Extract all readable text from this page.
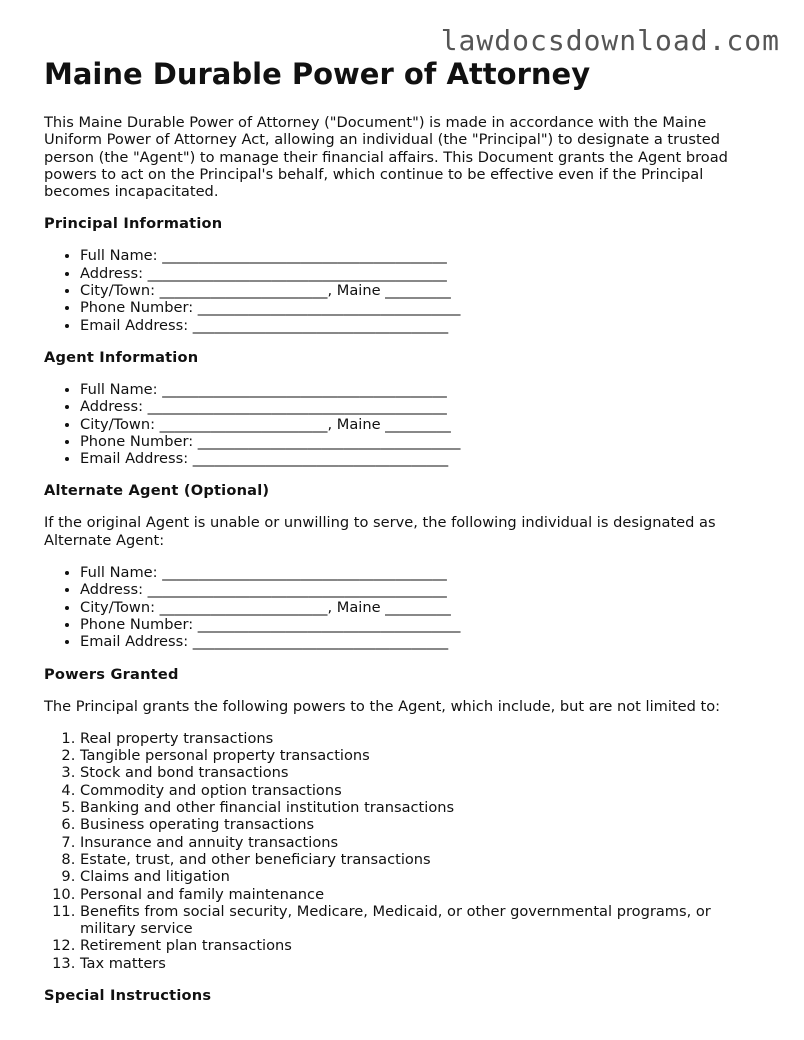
lawdocsdownload.com
Maine Durable Power of Attorney

This Maine Durable Power of Attorney ("Document") is made in accordance with the Maine Uniform Power of Attorney Act, allowing an individual (the "Principal") to designate a trusted person (the "Agent") to manage their financial affairs. This Document grants the Agent broad powers to act on the Principal's behalf, which continue to be effective even if the Principal becomes incapacitated.

Principal Information
• Full Name: _______________________________________
• Address: _________________________________________
• City/Town: _______________________, Maine _________
• Phone Number: ____________________________________
• Email Address: ___________________________________
Agent Information
• Full Name: _______________________________________
• Address: _________________________________________
• City/Town: _______________________, Maine _________
• Phone Number: ____________________________________
• Email Address: ___________________________________
Alternate Agent (Optional)

If the original Agent is unable or unwilling to serve, the following individual is designated as Alternate Agent:

• Full Name: _______________________________________
• Address: _________________________________________
• City/Town: _______________________, Maine _________
• Phone Number: ____________________________________
• Email Address: ___________________________________
Powers Granted

The Principal grants the following powers to the Agent, which include, but are not limited to:

1. Real property transactions
2. Tangible personal property transactions
3. Stock and bond transactions
4. Commodity and option transactions
5. Banking and other financial institution transactions
6. Business operating transactions
7. Insurance and annuity transactions
8. Estate, trust, and other beneficiary transactions
9. Claims and litigation
10. Personal and family maintenance
11. Benefits from social security, Medicare, Medicaid, or other governmental programs, or military service
12. Retirement plan transactions
13. Tax matters
Special Instructions
